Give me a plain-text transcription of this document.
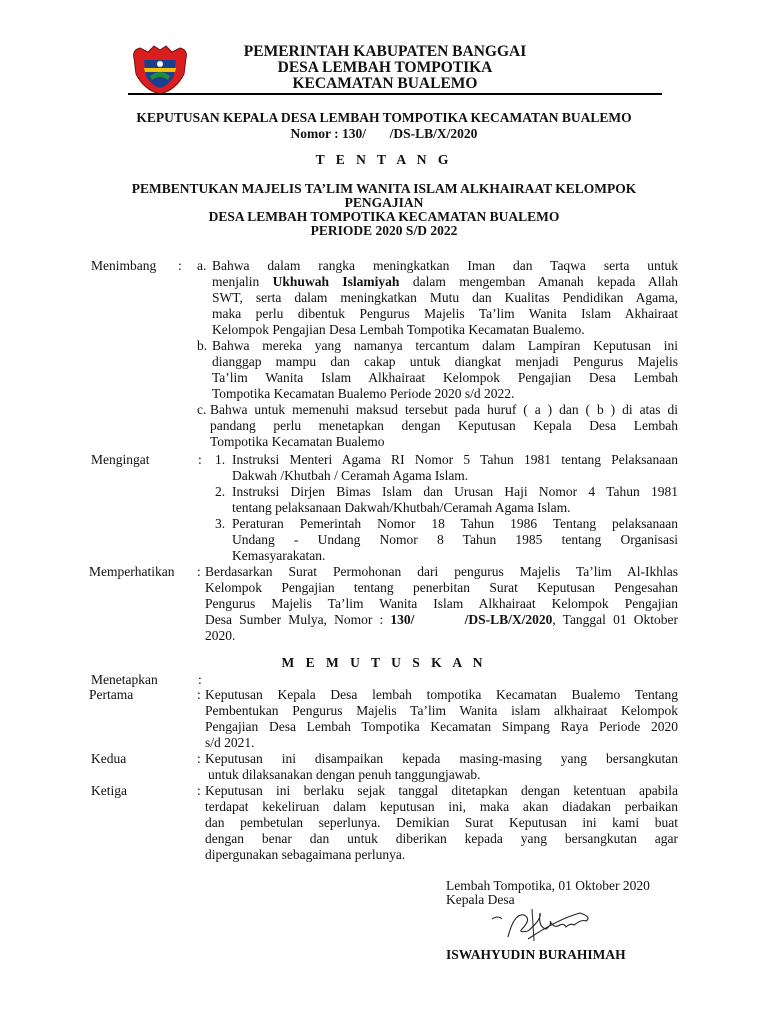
PEMERINTAH KABUPATEN BANGGAI
DESA LEMBAH TOMPOTIKA
KECAMATAN BUALEMO
KEPUTUSAN KEPALA DESA LEMBAH TOMPOTIKA KECAMATAN BUALEMO
Nomor : 130/       /DS-LB/X/2020
T E N T A N G
PEMBENTUKAN MAJELIS TA’LIM WANITA ISLAM ALKHAIRAAT KELOMPOK
PENGAJIAN
DESA LEMBAH TOMPOTIKA KECAMATAN BUALEMO
PERIODE 2020 S/D 2022
Menimbang : a. Bahwa dalam rangka meningkatkan Iman dan Taqwa serta untuk
menjalin Ukhuwah Islamiyah dalam mengemban Amanah kepada Allah
SWT, serta dalam meningkatkan Mutu dan Kualitas Pendidikan Agama,
maka perlu dibentuk Pengurus Majelis Ta’lim Wanita Islam Akhairaat
Kelompok Pengajian Desa Lembah Tompotika Kecamatan Bualemo.
b. Bahwa mereka yang namanya tercantum dalam Lampiran Keputusan ini
dianggap mampu dan cakap untuk diangkat menjadi Pengurus Majelis
Ta’lim Wanita Islam Alkhairaat Kelompok Pengajian Desa Lembah
Tompotika Kecamatan Bualemo Periode 2020 s/d 2022.
c. Bahwa untuk memenuhi maksud tersebut pada huruf ( a ) dan ( b ) di atas di
pandang perlu menetapkan dengan Keputusan Kepala Desa Lembah
Tompotika Kecamatan Bualemo
Mengingat	: 1. Instruksi Menteri Agama RI Nomor 5 Tahun 1981 tentang Pelaksanaan
Dakwah /Khutbah / Ceramah Agama Islam.
2. Instruksi Dirjen Bimas Islam dan Urusan Haji Nomor 4 Tahun 1981
tentang pelaksanaan Dakwah/Khutbah/Ceramah Agama Islam.
3. Peraturan Pemerintah Nomor 18 Tahun 1986 Tentang pelaksanaan
Undang - Undang Nomor 8 Tahun 1985 tentang Organisasi
Kemasyarakatan.
Memperhatikan : Berdasarkan Surat Permohonan dari pengurus Majelis Ta’lim Al-Ikhlas
Kelompok Pengajian tentang penerbitan Surat Keputusan Pengesahan
Pengurus Majelis Ta’lim Wanita Islam Alkhairaat Kelompok Pengajian
Desa Sumber Mulya, Nomor : 130/       /DS-LB/X/2020, Tanggal 01 Oktober
2020.
M E M U T U S K A N
Menetapkan	:
Pertama	: Keputusan Kepala Desa lembah tompotika Kecamatan Bualemo Tentang
Pembentukan Pengurus Majelis Ta’lim Wanita islam alkhairaat Kelompok
Pengajian Desa Lembah Tompotika Kecamatan Simpang Raya Periode 2020
s/d 2021.
Kedua	: Keputusan ini disampaikan kepada masing-masing yang bersangkutan
untuk dilaksanakan dengan penuh tanggungjawab.
Ketiga	: Keputusan ini berlaku sejak tanggal ditetapkan dengan ketentuan apabila
terdapat kekeliruan dalam keputusan ini, maka akan diadakan perbaikan
dan pembetulan seperlunya. Demikian Surat Keputusan ini kami buat
dengan benar dan untuk diberikan kepada yang bersangkutan agar
dipergunakan sebagaimana perlunya.
Lembah Tompotika, 01 Oktober 2020
Kepala Desa
ISWAHYUDIN BURAHIMAH
